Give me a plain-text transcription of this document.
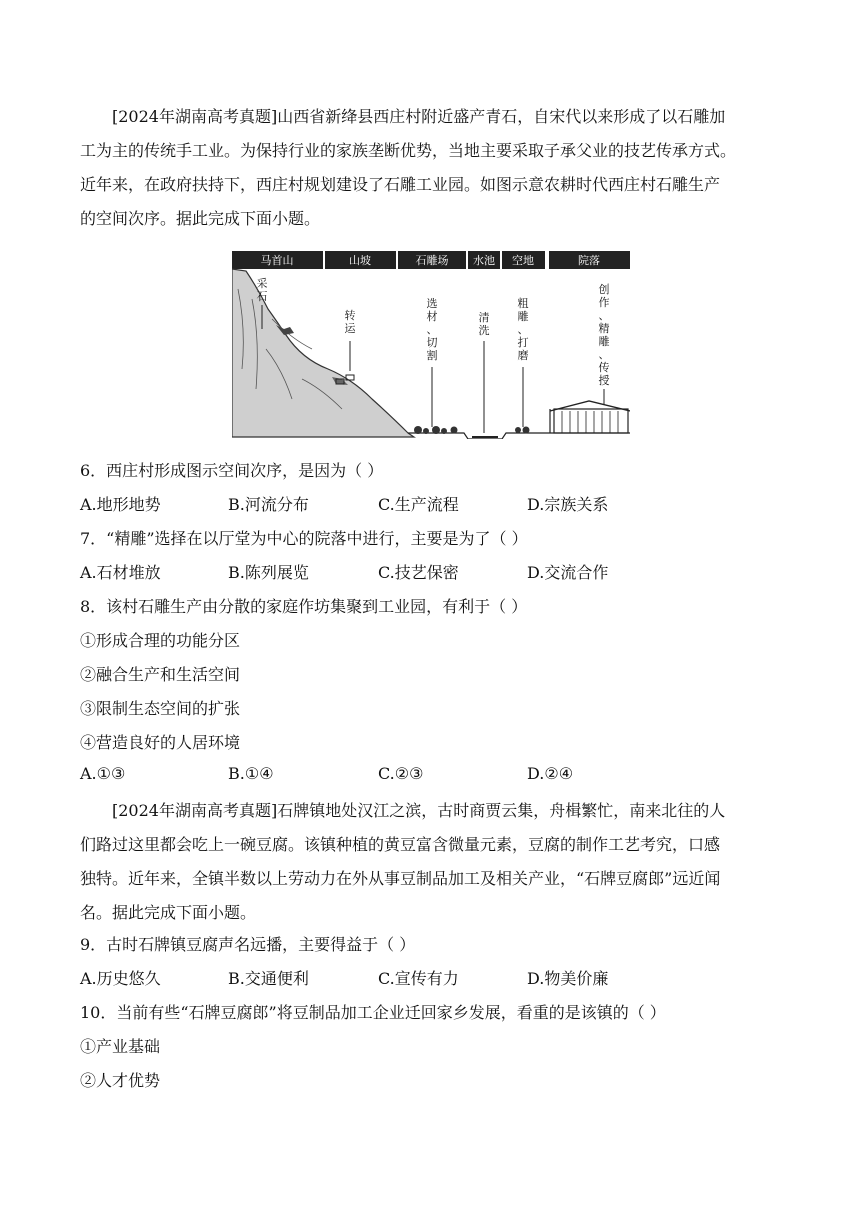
[2024年湖南高考真题]山西省新绛县西庄村附近盛产青石，自宋代以来形成了以石雕加
工为主的传统手工业。为保持行业的家族垄断优势，当地主要采取子承父业的技艺传承方式。
近年来，在政府扶持下，西庄村规划建设了石雕工业园。如图示意农耕时代西庄村石雕生产
的空间次序。据此完成下面小题。
马首山	山坡	石雕场 水池 空地	院落
采
石
转
运
选
材
、
切
割
清
洗
粗
雕
、
打
磨
创
作
、
精
雕
、
传
授
6．西庄村形成图示空间次序，是因为（ ）
A.地形地势	B.河流分布	C.生产流程	D.宗族关系
7．“精雕”选择在以厅堂为中心的院落中进行，主要是为了（ ）
A.石材堆放	B.陈列展览	C.技艺保密	D.交流合作
8．该村石雕生产由分散的家庭作坊集聚到工业园，有利于（ ）
①形成合理的功能分区
②融合生产和生活空间
③限制生态空间的扩张
④营造良好的人居环境
A.①③	B.①④	C.②③	D.②④
[2024年湖南高考真题]石牌镇地处汉江之滨，古时商贾云集，舟楫繁忙，南来北往的人
们路过这里都会吃上一碗豆腐。该镇种植的黄豆富含微量元素，豆腐的制作工艺考究，口感
独特。近年来，全镇半数以上劳动力在外从事豆制品加工及相关产业，“石牌豆腐郎”远近闻
名。据此完成下面小题。
9．古时石牌镇豆腐声名远播，主要得益于（ ）
A.历史悠久	B.交通便利	C.宣传有力	D.物美价廉
10．当前有些“石牌豆腐郎”将豆制品加工企业迁回家乡发展，看重的是该镇的（ ）
①产业基础
②人才优势
